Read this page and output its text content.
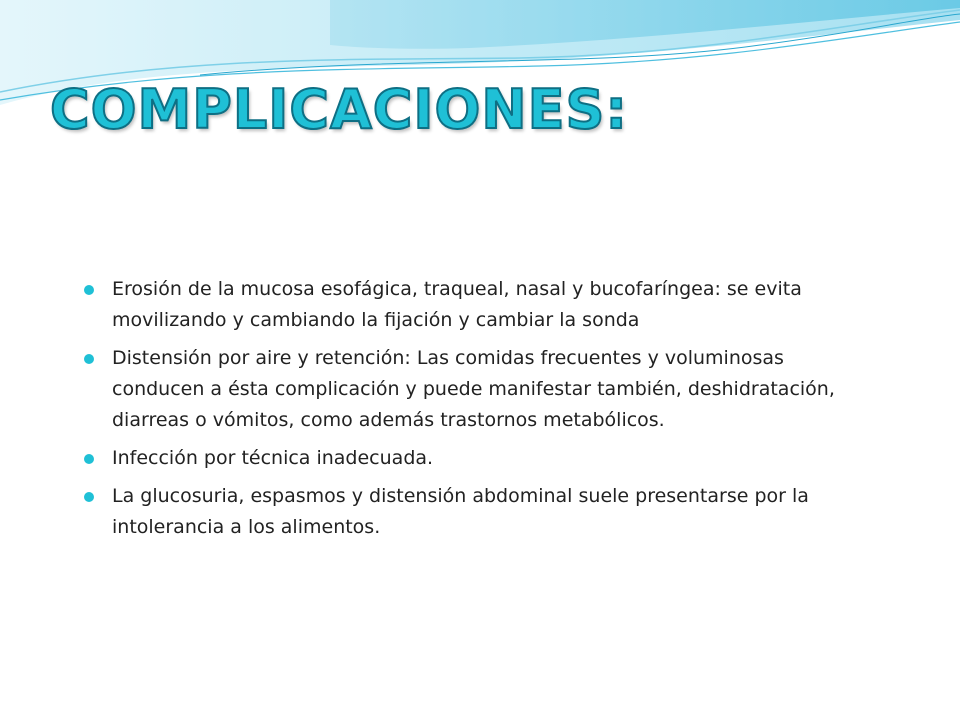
COMPLICACIONES:
Erosión de la mucosa esofágica, traqueal, nasal y bucofaríngea: se evita movilizando y cambiando la fijación y cambiar la sonda
Distensión por aire y retención: Las comidas frecuentes y voluminosas conducen a ésta complicación y puede manifestar también, deshidratación, diarreas o vómitos, como además trastornos metabólicos.
Infección por técnica inadecuada.
La glucosuria, espasmos y distensión abdominal suele presentarse por la intolerancia a los alimentos.
